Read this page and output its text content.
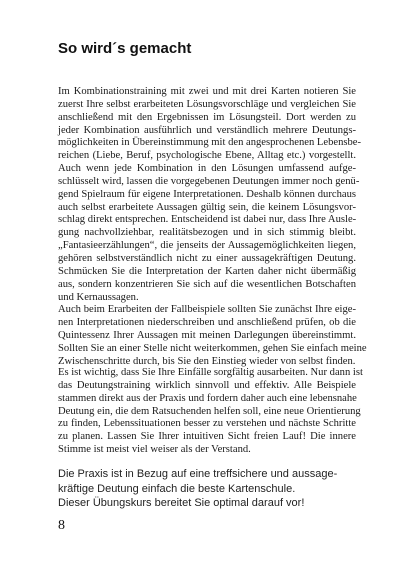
So wird´s gemacht
Im Kombinationstraining mit zwei und mit drei Karten notieren Sie
zuerst Ihre selbst erarbeiteten Lösungsvorschläge und vergleichen Sie
anschließend mit den Ergebnissen im Lösungsteil. Dort werden zu
jeder Kombination ausführlich und verständlich mehrere Deutungs-
möglichkeiten in Übereinstimmung mit den angesprochenen Lebensbe-
reichen (Liebe, Beruf, psychologische Ebene, Alltag etc.) vorgestellt.
Auch wenn jede Kombination in den Lösungen umfassend aufge-
schlüsselt wird, lassen die vorgegebenen Deutungen immer noch genü-
gend Spielraum für eigene Interpretationen. Deshalb können durchaus
auch selbst erarbeitete Aussagen gültig sein, die keinem Lösungsvor-
schlag direkt entsprechen. Entscheidend ist dabei nur, dass Ihre Ausle-
gung nachvollziehbar, realitätsbezogen und in sich stimmig bleibt.
„Fantasieerzählungen“, die jenseits der Aussagemöglichkeiten liegen,
gehören selbstverständlich nicht zu einer aussagekräftigen Deutung.
Schmücken Sie die Interpretation der Karten daher nicht übermäßig
aus, sondern konzentrieren Sie sich auf die wesentlichen Botschaften
und Kernaussagen.
Auch beim Erarbeiten der Fallbeispiele sollten Sie zunächst Ihre eige-
nen Interpretationen niederschreiben und anschließend prüfen, ob die
Quintessenz Ihrer Aussagen mit meinen Darlegungen übereinstimmt.
Sollten Sie an einer Stelle nicht weiterkommen, gehen Sie einfach meine
Zwischenschritte durch, bis Sie den Einstieg wieder von selbst finden.
Es ist wichtig, dass Sie Ihre Einfälle sorgfältig ausarbeiten. Nur dann ist
das Deutungstraining wirklich sinnvoll und effektiv. Alle Beispiele
stammen direkt aus der Praxis und fordern daher auch eine lebensnahe
Deutung ein, die dem Ratsuchenden helfen soll, eine neue Orientierung
zu finden, Lebenssituationen besser zu verstehen und nächste Schritte
zu planen. Lassen Sie Ihrer intuitiven Sicht freien Lauf! Die innere
Stimme ist meist viel weiser als der Verstand.
Die Praxis ist in Bezug auf eine treffsichere und aussage-
kräftige Deutung einfach die beste Kartenschule.
Dieser Übungskurs bereitet Sie optimal darauf vor!
8
